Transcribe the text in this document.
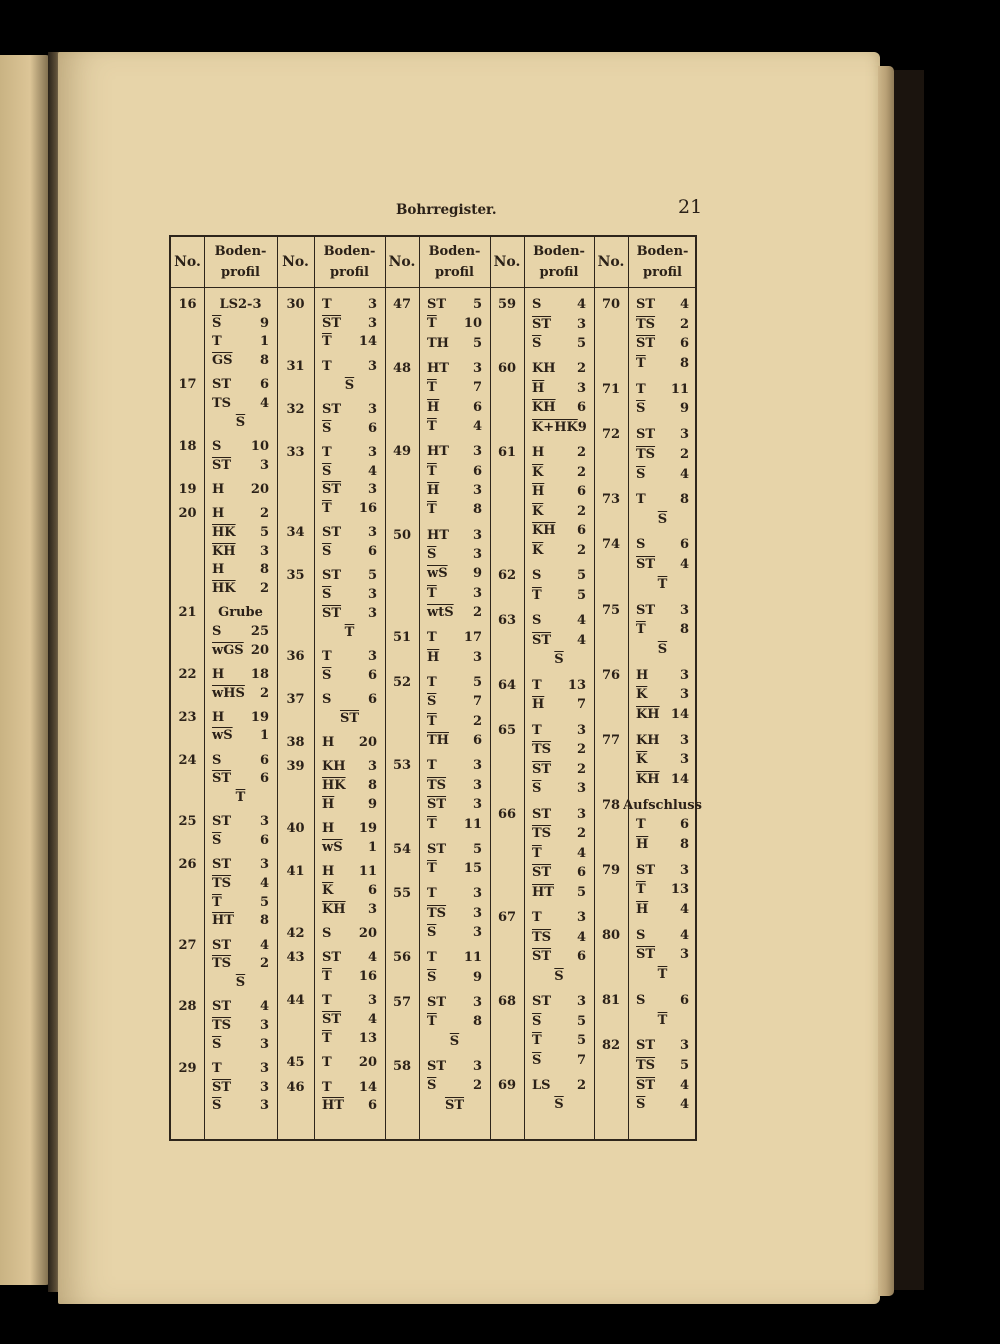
Bohrregister.	21
No.
Boden-
profil
No.
Boden-
profil
No.
Boden-
profil
No.
Boden-
profil
No.
Boden-
profil
16	LS2-3
$\overline{S}$	9
T	1
$\overline{GS}$ 8
17	ST 6
TS 4
$\overline{S}$
18	S 10
$\overline{ST}$ 3
19	H 20
20	H	2
$\overline{HK}$ 5
$\overline{KH}$ 3
H	8
$\overline{HK}$ 2
21	Grube
S 25
$\overline{wGS}$ 20
22	H 18
$\overline{wHS}$ 2
23	H 19
$\overline{wS}$ 1
24	S	6
$\overline{ST}$ 6
$\overline{T}$
25	ST 3
$\overline{S}$	6
26	ST 3
$\overline{TS}$ 4
$\overline{T}$	5
$\overline{HT}$ 8
27	ST 4
$\overline{TS}$ 2
$\overline{S}$
28	ST 4
$\overline{TS}$ 3
$\overline{S}$	3
29	T	3
$\overline{ST}$ 3
$\overline{S}$	3
30	T	3
$\overline{ST}$ 3
$\overline{T}$ 14
31	T	3
$\overline{S}$
32	ST 3
$\overline{S}$	6
33	T	3
$\overline{S}$	4
$\overline{ST}$ 3
$\overline{T}$ 16
34	ST 3
$\overline{S}$	6
35	ST 5
$\overline{S}$	3
$\overline{ST}$ 3
$\overline{T}$
36	T	3
$\overline{S}$	6
37	S	6
$\overline{ST}$
38	H 20
39	KH 3
$\overline{HK}$ 8
$\overline{H}$	9
40	H 19
$\overline{wS}$ 1
41	H 11
$\overline{K}$	6
$\overline{KH}$ 3
42	S 20
43	ST 4
$\overline{T}$ 16
44	T	3
$\overline{ST}$ 4
$\overline{T}$ 13
45	T 20
46	T 14
$\overline{HT}$ 6
47	ST 5
$\overline{T}$ 10
TH 5
48	HT 3
$\overline{T}$	7
$\overline{H}$	6
$\overline{T}$	4
49	HT 3
$\overline{T}$	6
$\overline{H}$	3
$\overline{T}$	8
50	HT 3
$\overline{S}$	3
$\overline{wS}$ 9
$\overline{T}$	3
$\overline{wtS}$ 2
51	T 17
$\overline{H}$	3
52	T	5
$\overline{S}$	7
$\overline{T}$	2
$\overline{TH}$ 6
53	T	3
$\overline{TS}$ 3
$\overline{ST}$ 3
$\overline{T}$ 11
54	ST 5
$\overline{T}$ 15
55	T	3
$\overline{TS}$ 3
$\overline{S}$	3
56	T 11
$\overline{S}$	9
57	ST 3
$\overline{T}$	8
$\overline{S}$
58	ST 3
$\overline{S}$	2
$\overline{ST}$
59	S	4
$\overline{ST}$ 3
$\overline{S}$	5
60	KH 2
$\overline{H}$	3
$\overline{KH}$ 6
K+HK 9
61	H	2
$\overline{K}$	2
$\overline{H}$	6
$\overline{K}$	2
$\overline{KH}$ 6
$\overline{K}$	2
62	S	5
$\overline{T}$	5
63	S	4
$\overline{ST}$ 4
$\overline{S}$
64	T 13
$\overline{H}$	7
65	T	3
$\overline{TS}$ 2
$\overline{ST}$ 2
$\overline{S}$	3
66	ST 3
$\overline{TS}$ 2
$\overline{T}$	4
$\overline{ST}$ 6
$\overline{HT}$ 5
67	T	3
$\overline{TS}$ 4
$\overline{ST}$ 6
$\overline{S}$
68	ST 3
$\overline{S}$	5
$\overline{T}$	5
$\overline{S}$	7
69	LS 2
$\overline{S}$
70	ST 4
$\overline{TS}$ 2
$\overline{ST}$ 6
$\overline{T}$	8
71	T 11
$\overline{S}$	9
72	ST 3
$\overline{TS}$ 2
$\overline{S}$	4
73	T	8
$\overline{S}$
74	S	6
$\overline{ST}$ 4
$\overline{T}$
75	ST 3
$\overline{T}$	8
$\overline{S}$
76	H 3
$\overline{K}$	3
$\overline{KH}$ 14
77	KH 3
$\overline{K}$	3
$\overline{KH}$ 14
78 Aufschluss
T	6
$\overline{H}$ 8
79	ST 3
$\overline{T}$ 13
$\overline{H}$ 4
80	S	4
$\overline{ST}$ 3
$\overline{T}$
81	S	6
$\overline{T}$
82	ST 3
$\overline{TS}$ 5
$\overline{ST}$ 4
$\overline{S}$	4
